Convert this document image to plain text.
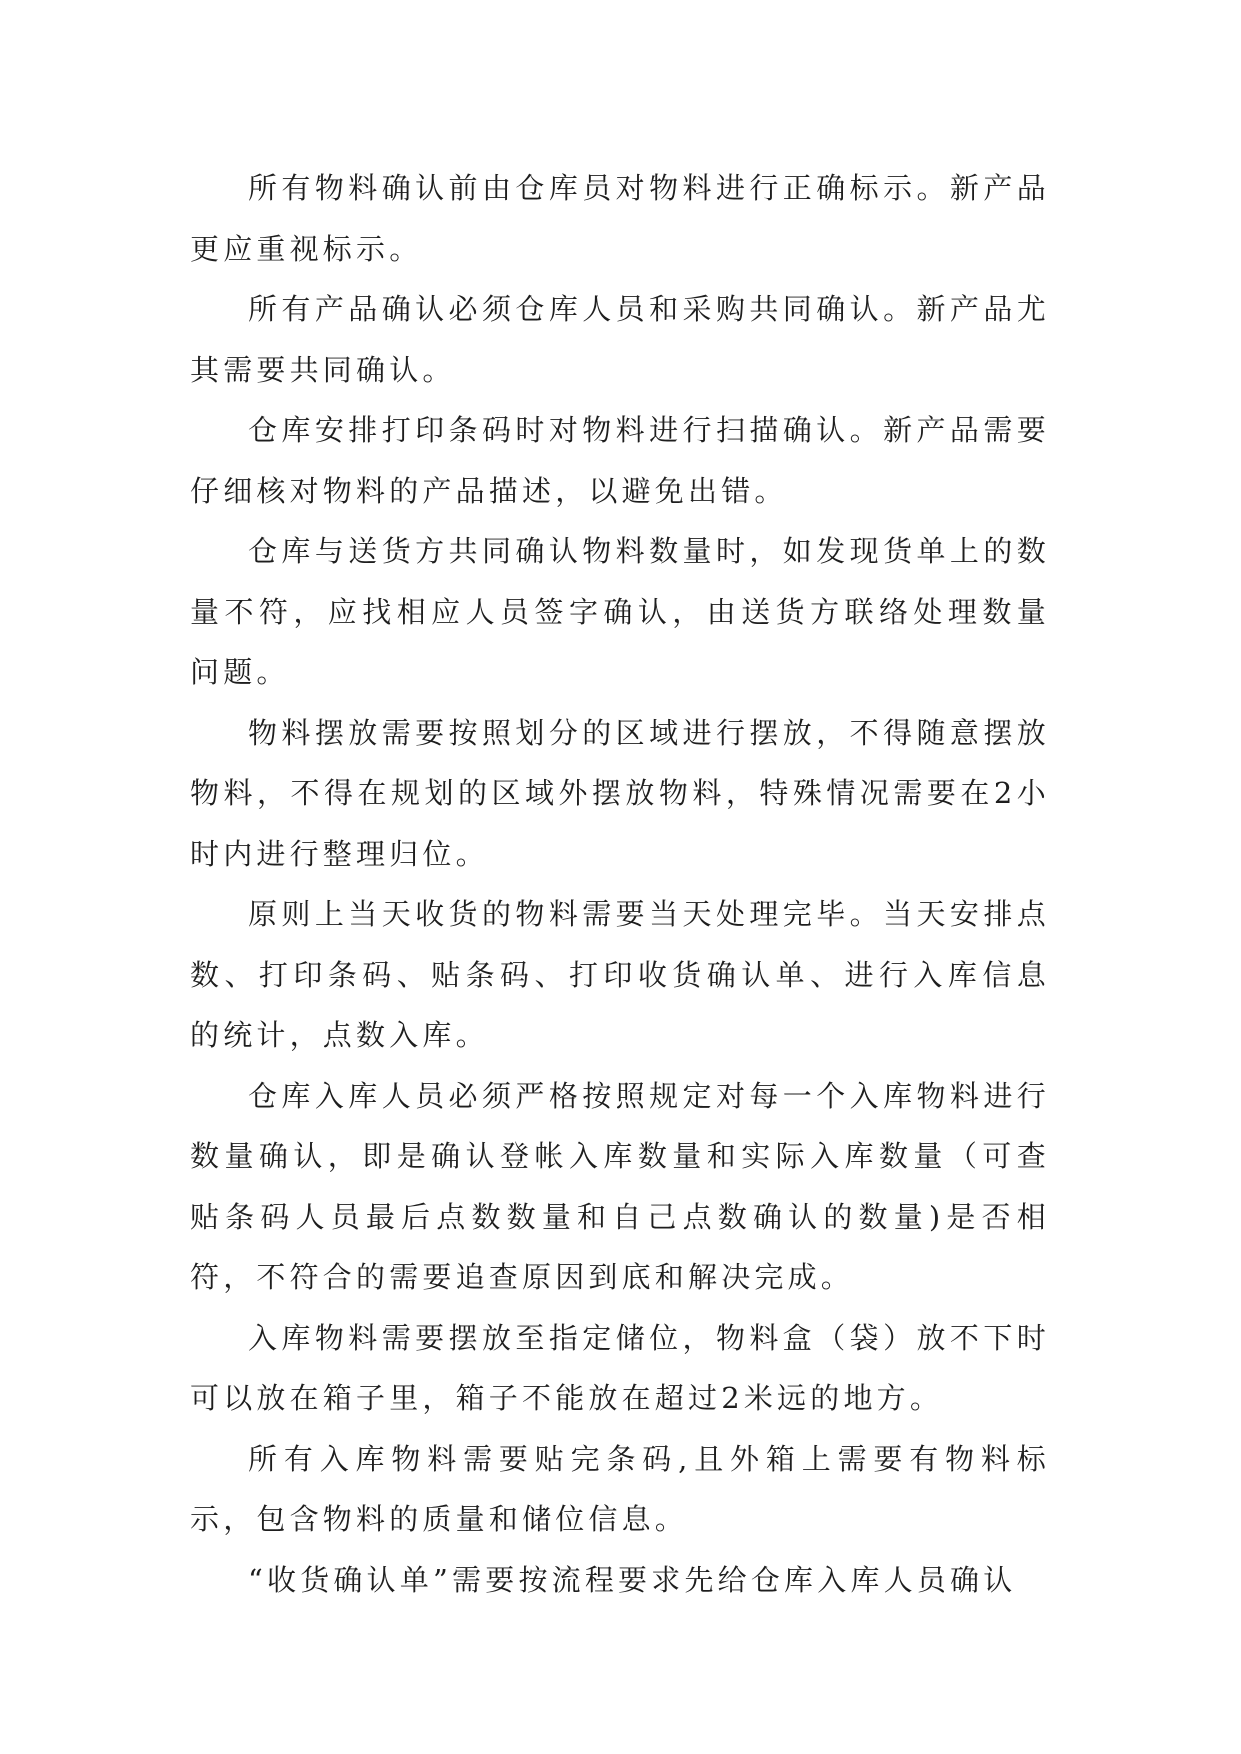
所有物料确认前由仓库员对物料进行正确标示。新产品更应重视标示。

所有产品确认必须仓库人员和采购共同确认。新产品尤其需要共同确认。

仓库安排打印条码时对物料进行扫描确认。新产品需要仔细核对物料的产品描述，以避免出错。

仓库与送货方共同确认物料数量时，如发现货单上的数量不符，应找相应人员签字确认，由送货方联络处理数量问题。

物料摆放需要按照划分的区域进行摆放，不得随意摆放物料，不得在规划的区域外摆放物料，特殊情况需要在2小时内进行整理归位。

原则上当天收货的物料需要当天处理完毕。当天安排点数、打印条码、贴条码、打印收货确认单、进行入库信息的统计，点数入库。

仓库入库人员必须严格按照规定对每一个入库物料进行数量确认，即是确认登帐入库数量和实际入库数量（可查贴条码人员最后点数数量和自己点数确认的数量)是否相符，不符合的需要追查原因到底和解决完成。

入库物料需要摆放至指定储位，物料盒（袋）放不下时可以放在箱子里，箱子不能放在超过2米远的地方。

所有入库物料需要贴完条码,且外箱上需要有物料标示，包含物料的质量和储位信息。

“收货确认单”需要按流程要求先给仓库入库人员确认
